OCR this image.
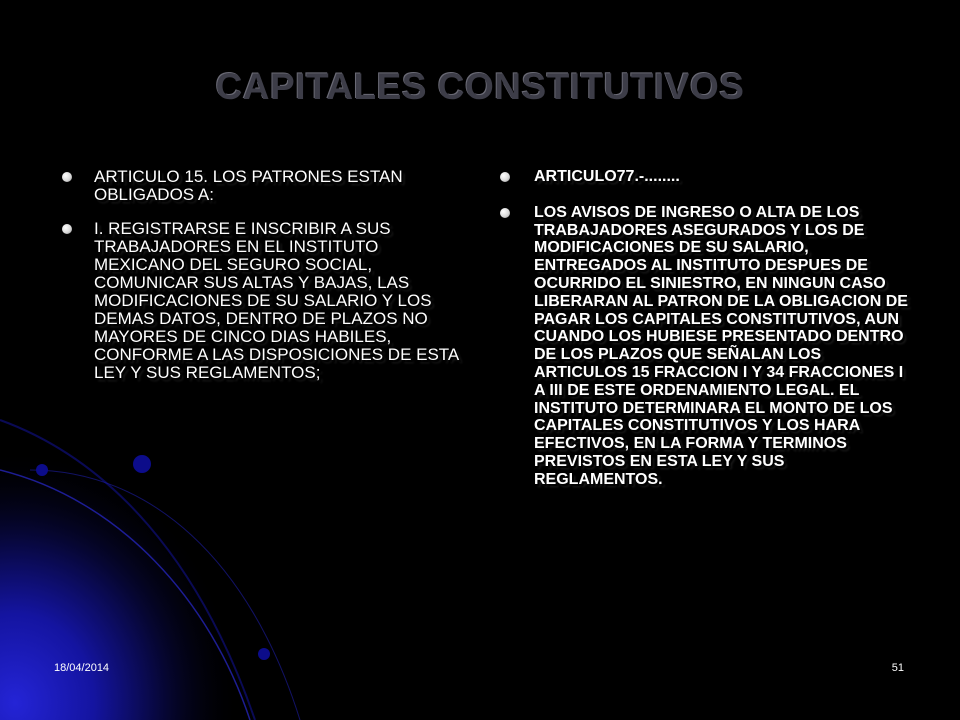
CAPITALES CONSTITUTIVOS
ARTICULO 15. LOS PATRONES ESTAN OBLIGADOS A:
I. REGISTRARSE E INSCRIBIR A SUS TRABAJADORES EN EL INSTITUTO MEXICANO DEL SEGURO SOCIAL, COMUNICAR SUS ALTAS Y BAJAS, LAS MODIFICACIONES DE SU SALARIO Y LOS DEMAS DATOS, DENTRO DE PLAZOS NO MAYORES DE CINCO DIAS HABILES, CONFORME A LAS DISPOSICIONES DE ESTA LEY Y SUS REGLAMENTOS;
ARTICULO77.-........
LOS AVISOS DE INGRESO O ALTA DE LOS TRABAJADORES ASEGURADOS Y LOS DE MODIFICACIONES DE SU SALARIO, ENTREGADOS AL INSTITUTO DESPUES DE OCURRIDO EL SINIESTRO, EN NINGUN CASO LIBERARAN AL PATRON DE LA OBLIGACION DE PAGAR LOS CAPITALES CONSTITUTIVOS, AUN CUANDO LOS HUBIESE PRESENTADO DENTRO DE LOS PLAZOS QUE SEÑALAN LOS ARTICULOS 15 FRACCION I Y 34 FRACCIONES I A III DE ESTE ORDENAMIENTO LEGAL. EL INSTITUTO DETERMINARA EL MONTO DE LOS CAPITALES CONSTITUTIVOS Y LOS HARA EFECTIVOS, EN LA FORMA Y TERMINOS PREVISTOS EN ESTA LEY Y SUS REGLAMENTOS.
18/04/2014	51
